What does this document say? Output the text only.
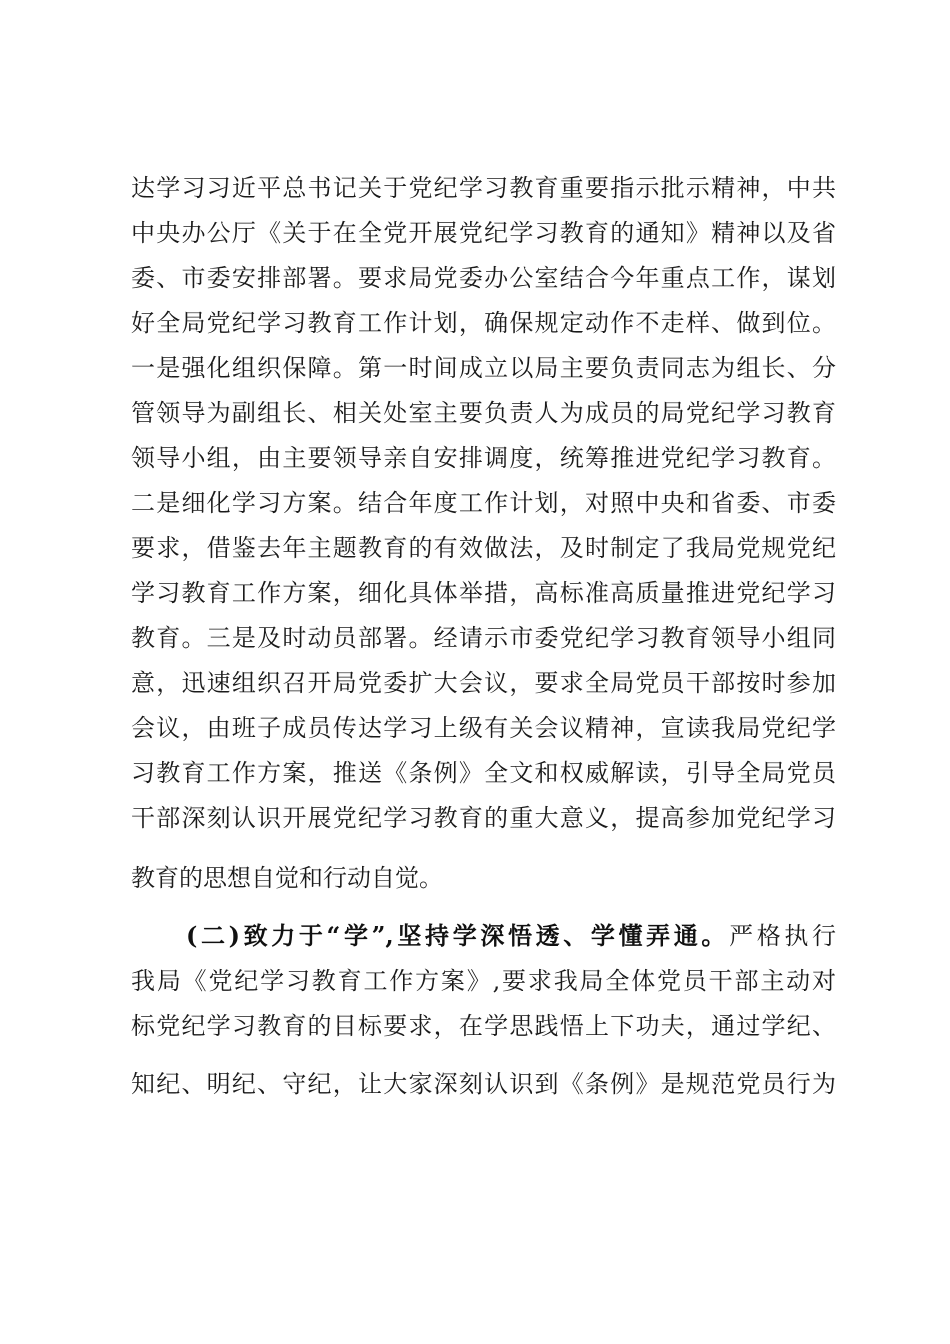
达学习习近平总书记关于党纪学习教育重要指示批示精神，中共
中央办公厅《关于在全党开展党纪学习教育的通知》精神以及省
委、市委安排部署。要求局党委办公室结合今年重点工作，谋划
好全局党纪学习教育工作计划，确保规定动作不走样、做到位。
一是强化组织保障。第一时间成立以局主要负责同志为组长、分
管领导为副组长、相关处室主要负责人为成员的局党纪学习教育
领导小组，由主要领导亲自安排调度，统筹推进党纪学习教育。
二是细化学习方案。结合年度工作计划，对照中央和省委、市委
要求，借鉴去年主题教育的有效做法，及时制定了我局党规党纪
学习教育工作方案，细化具体举措，高标准高质量推进党纪学习
教育。三是及时动员部署。经请示市委党纪学习教育领导小组同
意，迅速组织召开局党委扩大会议，要求全局党员干部按时参加
会议，由班子成员传达学习上级有关会议精神，宣读我局党纪学
习教育工作方案，推送《条例》全文和权威解读，引导全局党员
干部深刻认识开展党纪学习教育的重大意义，提高参加党纪学习
教育的思想自觉和行动自觉。
(二)致力于“学”,坚持学深悟透、学懂弄通。严格执行
我局《党纪学习教育工作方案》,要求我局全体党员干部主动对
标党纪学习教育的目标要求，在学思践悟上下功夫，通过学纪、
知纪、明纪、守纪，让大家深刻认识到《条例》是规范党员行为
